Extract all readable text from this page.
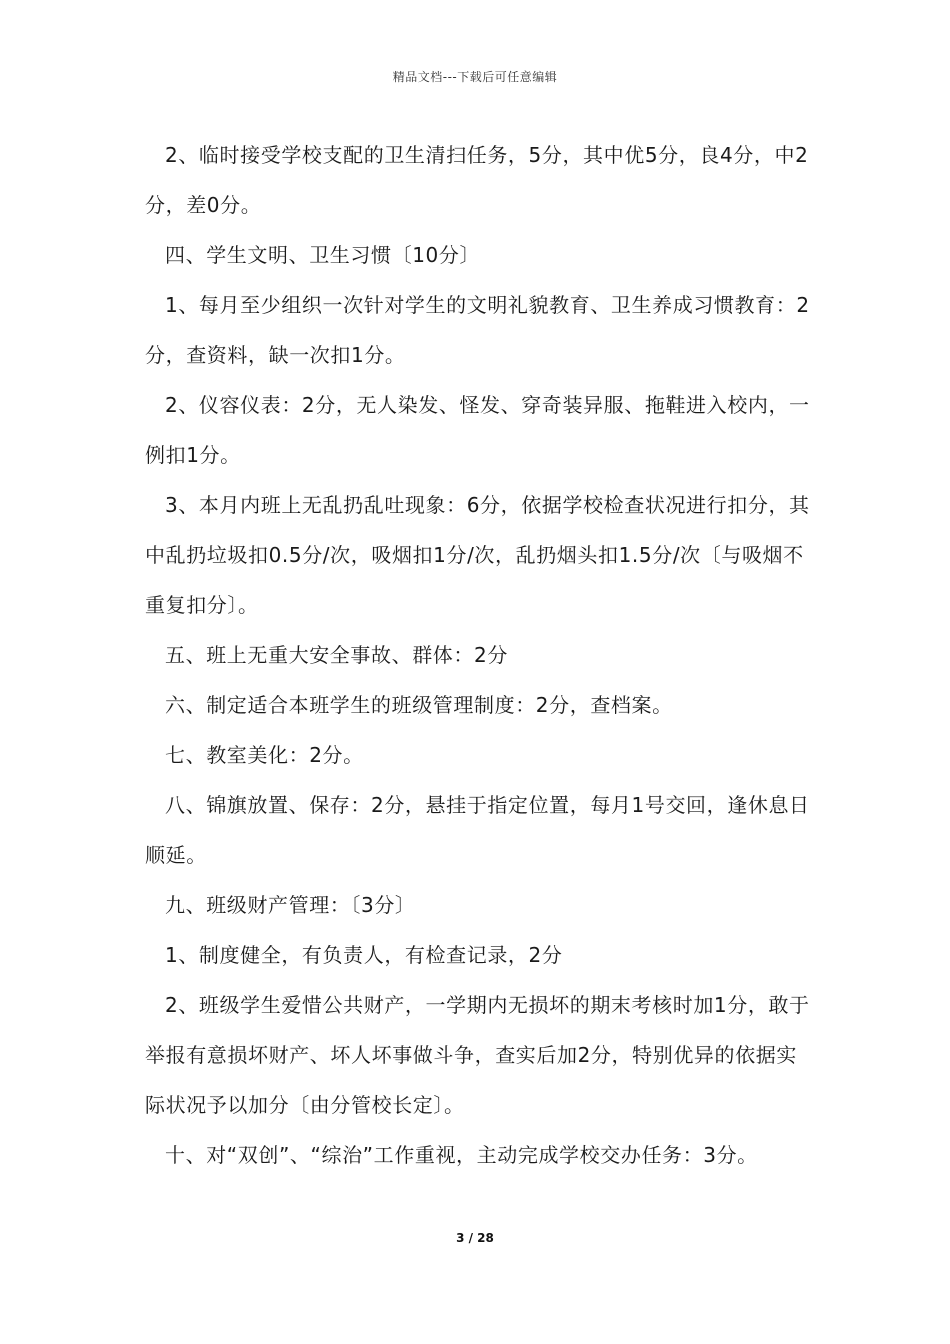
精品文档---下载后可任意编辑

2、临时接受学校支配的卫生清扫任务，5分，其中优5分，良4分，中2分，差0分。

四、学生文明、卫生习惯〔10分〕

1、每月至少组织一次针对学生的文明礼貌教育、卫生养成习惯教育：2分，查资料，缺一次扣1分。

2、仪容仪表：2分，无人染发、怪发、穿奇装异服、拖鞋进入校内，一例扣1分。

3、本月内班上无乱扔乱吐现象：6分，依据学校检查状况进行扣分，其中乱扔垃圾扣0.5分/次，吸烟扣1分/次，乱扔烟头扣1.5分/次〔与吸烟不重复扣分〕。

五、班上无重大安全事故、群体：2分

六、制定适合本班学生的班级管理制度：2分，查档案。

七、教室美化：2分。

八、锦旗放置、保存：2分，悬挂于指定位置，每月1号交回，逢休息日顺延。

九、班级财产管理：〔3分〕

1、制度健全，有负责人，有检查记录，2分

2、班级学生爱惜公共财产，一学期内无损坏的期末考核时加1分，敢于举报有意损坏财产、坏人坏事做斗争，查实后加2分，特别优异的依据实际状况予以加分〔由分管校长定〕。

十、对“双创”、“综治”工作重视，主动完成学校交办任务：3分。

3 / 28
